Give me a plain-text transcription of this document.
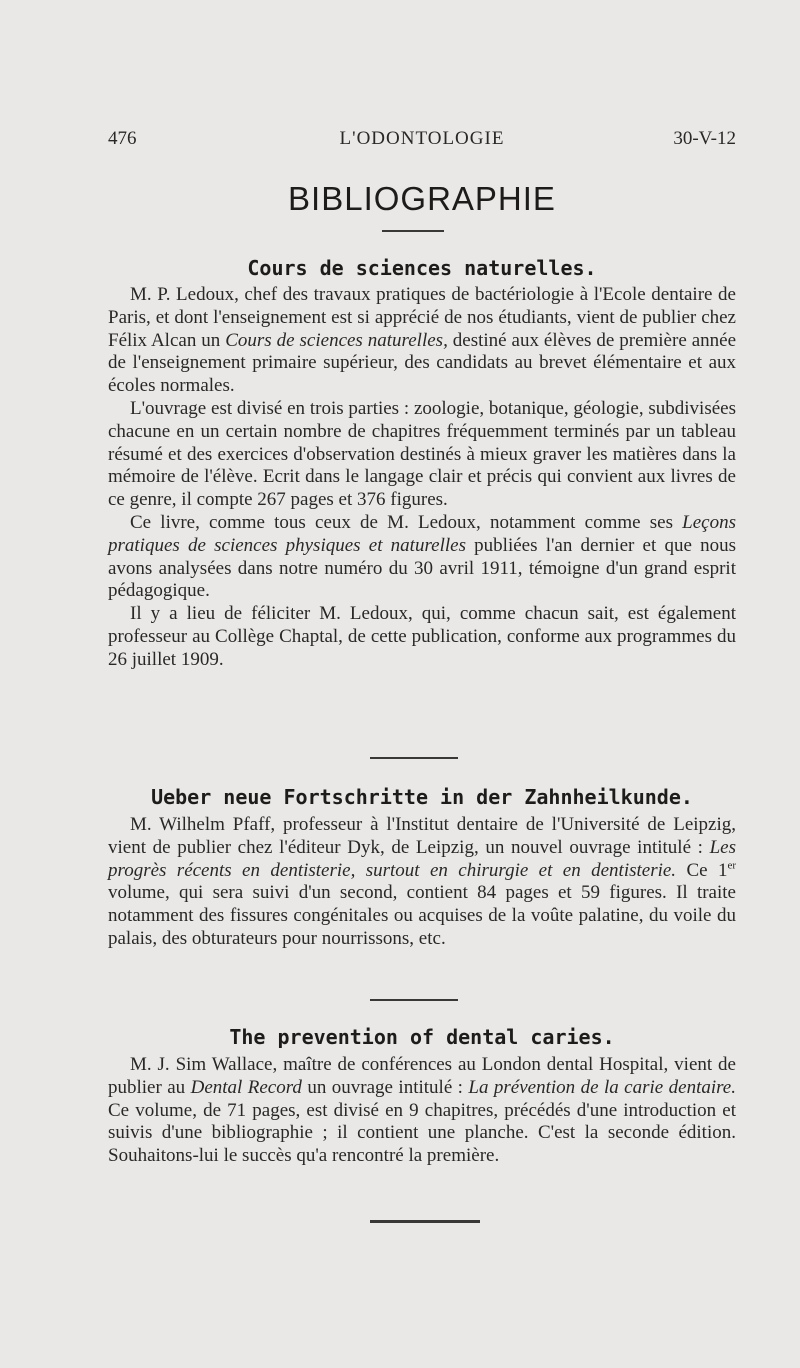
476	L'ODONTOLOGIE	30-V-12
BIBLIOGRAPHIE
Cours de sciences naturelles.

M. P. Ledoux, chef des travaux pratiques de bactériologie à l'Ecole dentaire de Paris, et dont l'enseignement est si apprécié de nos étudiants, vient de publier chez Félix Alcan un Cours de sciences naturelles, destiné aux élèves de première année de l'enseignement primaire supérieur, des candidats au brevet élémentaire et aux écoles normales.

L'ouvrage est divisé en trois parties : zoologie, botanique, géologie, subdivisées chacune en un certain nombre de chapitres fréquemment terminés par un tableau résumé et des exercices d'observation destinés à mieux graver les matières dans la mémoire de l'élève. Ecrit dans le langage clair et précis qui convient aux livres de ce genre, il compte 267 pages et 376 figures.

Ce livre, comme tous ceux de M. Ledoux, notamment comme ses Leçons pratiques de sciences physiques et naturelles publiées l'an dernier et que nous avons analysées dans notre numéro du 30 avril 1911, témoigne d'un grand esprit pédagogique.

Il y a lieu de féliciter M. Ledoux, qui, comme chacun sait, est également professeur au Collège Chaptal, de cette publication, conforme aux programmes du 26 juillet 1909.

Ueber neue Fortschritte in der Zahnheilkunde.

M. Wilhelm Pfaff, professeur à l'Institut dentaire de l'Université de Leipzig, vient de publier chez l'éditeur Dyk, de Leipzig, un nouvel ouvrage intitulé : Les progrès récents en dentisterie, surtout en chirurgie et en dentisterie. Ce 1er volume, qui sera suivi d'un second, contient 84 pages et 59 figures. Il traite notamment des fissures congénitales ou acquises de la voûte palatine, du voile du palais, des obturateurs pour nourrissons, etc.

The prevention of dental caries.

M. J. Sim Wallace, maître de conférences au London dental Hospital, vient de publier au Dental Record un ouvrage intitulé : La prévention de la carie dentaire. Ce volume, de 71 pages, est divisé en 9 chapitres, précédés d'une introduction et suivis d'une bibliographie ; il contient une planche. C'est la seconde édition. Souhaitons-lui le succès qu'a rencontré la première.
